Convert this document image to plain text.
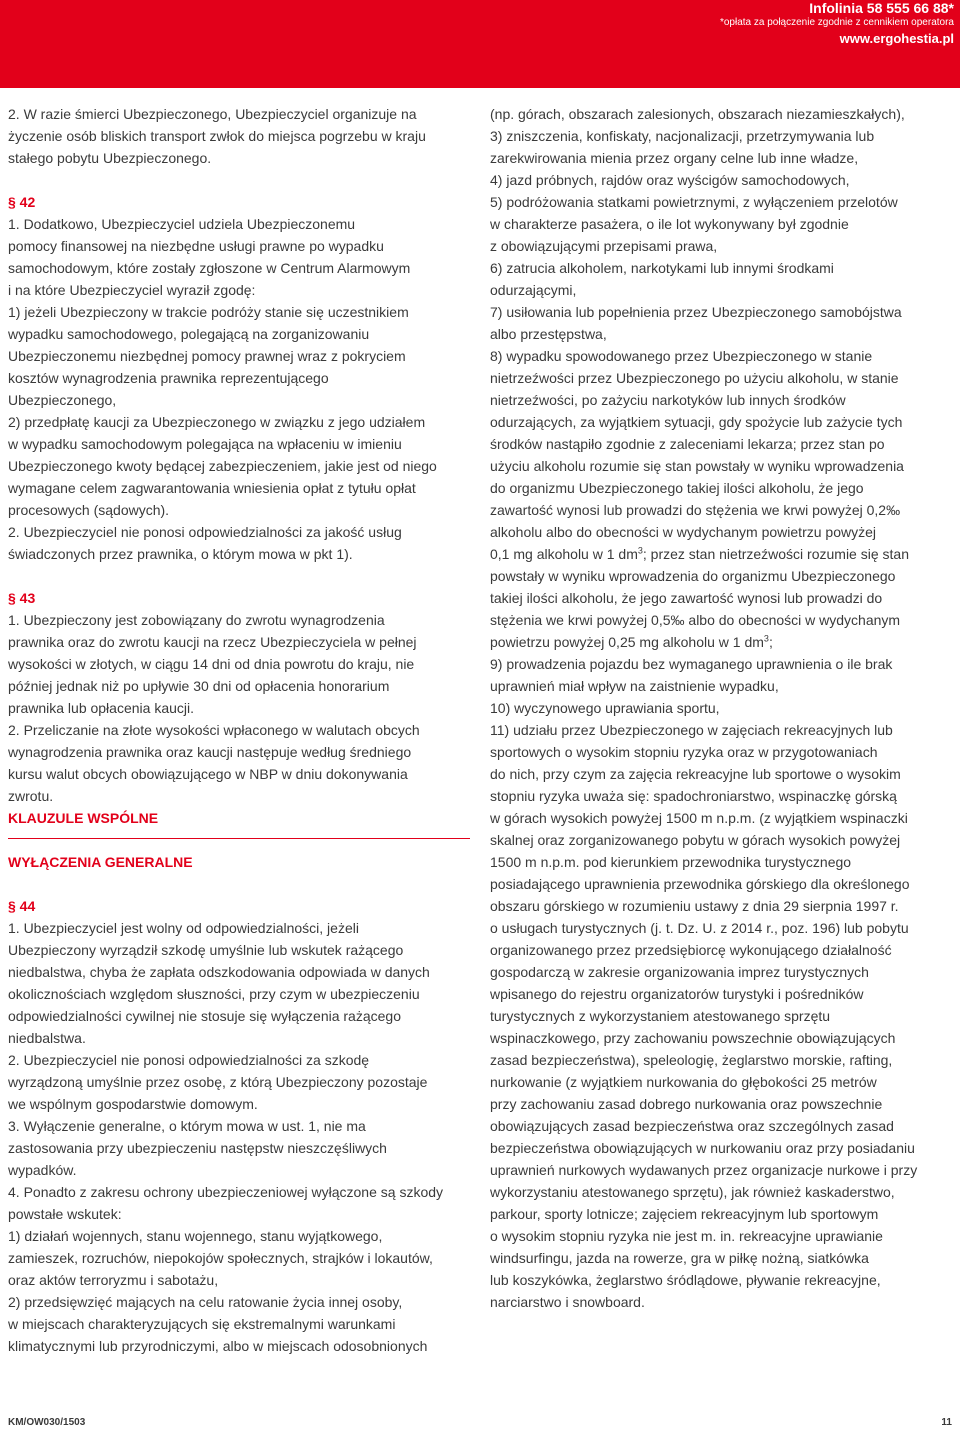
Infolinia 58 555 66 88*
*opłata za połączenie zgodnie z cennikiem operatora
www.ergohestia.pl

2. W razie śmierci Ubezpieczonego, Ubezpieczyciel organizuje na
życzenie osób bliskich transport zwłok do miejsca pogrzebu w kraju
stałego pobytu Ubezpieczonego.

§ 42

1. Dodatkowo, Ubezpieczyciel udziela Ubezpieczonemu
pomocy finansowej na niezbędne usługi prawne po wypadku
samochodowym, które zostały zgłoszone w Centrum Alarmowym
i na które Ubezpieczyciel wyraził zgodę:

1) jeżeli Ubezpieczony w trakcie podróży stanie się uczestnikiem
wypadku samochodowego, polegającą na zorganizowaniu
Ubezpieczonemu niezbędnej pomocy prawnej wraz z pokryciem
kosztów wynagrodzenia prawnika reprezentującego
Ubezpieczonego,

2) przedpłatę kaucji za Ubezpieczonego w związku z jego udziałem
w wypadku samochodowym polegająca na wpłaceniu w imieniu
Ubezpieczonego kwoty będącej zabezpieczeniem, jakie jest od niego
wymagane celem zagwarantowania wniesienia opłat z tytułu opłat
procesowych (sądowych).

2. Ubezpieczyciel nie ponosi odpowiedzialności za jakość usług
świadczonych przez prawnika, o którym mowa w pkt 1).

§ 43

1. Ubezpieczony jest zobowiązany do zwrotu wynagrodzenia
prawnika oraz do zwrotu kaucji na rzecz Ubezpieczyciela w pełnej
wysokości w złotych, w ciągu 14 dni od dnia powrotu do kraju, nie
później jednak niż po upływie 30 dni od opłacenia honorarium
prawnika lub opłacenia kaucji.

2. Przeliczanie na złote wysokości wpłaconego w walutach obcych
wynagrodzenia prawnika oraz kaucji następuje według średniego
kursu walut obcych obowiązującego w NBP w dniu dokonywania
zwrotu.

KLAUZULE WSPÓLNE

WYŁĄCZENIA GENERALNE

§ 44

1. Ubezpieczyciel jest wolny od odpowiedzialności, jeżeli
Ubezpieczony wyrządził szkodę umyślnie lub wskutek rażącego
niedbalstwa, chyba że zapłata odszkodowania odpowiada w danych
okolicznościach względom słuszności, przy czym w ubezpieczeniu
odpowiedzialności cywilnej nie stosuje się wyłączenia rażącego
niedbalstwa.

2. Ubezpieczyciel nie ponosi odpowiedzialności za szkodę
wyrządzoną umyślnie przez osobę, z którą Ubezpieczony pozostaje
we wspólnym gospodarstwie domowym.

3. Wyłączenie generalne, o którym mowa w ust. 1, nie ma
zastosowania przy ubezpieczeniu następstw nieszczęśliwych
wypadków.

4. Ponadto z zakresu ochrony ubezpieczeniowej wyłączone są szkody
powstałe wskutek:

1) działań wojennych, stanu wojennego, stanu wyjątkowego,
zamieszek, rozruchów, niepokojów społecznych, strajków i lokautów,
oraz aktów terroryzmu i sabotażu,

2) przedsięwzięć mających na celu ratowanie życia innej osoby,
w miejscach charakteryzujących się ekstremalnymi warunkami
klimatycznymi lub przyrodniczymi, albo w miejscach odosobnionych

(np. górach, obszarach zalesionych, obszarach niezamieszkałych),

3) zniszczenia, konfiskaty, nacjonalizacji, przetrzymywania lub
zarekwirowania mienia przez organy celne lub inne władze,

4) jazd próbnych, rajdów oraz wyścigów samochodowych,

5) podróżowania statkami powietrznymi, z wyłączeniem przelotów
w charakterze pasażera, o ile lot wykonywany był zgodnie
z obowiązującymi przepisami prawa,

6) zatrucia alkoholem, narkotykami lub innymi środkami
odurzającymi,

7) usiłowania lub popełnienia przez Ubezpieczonego samobójstwa
albo przestępstwa,

8) wypadku spowodowanego przez Ubezpieczonego w stanie
nietrzeźwości przez Ubezpieczonego po użyciu alkoholu, w stanie
nietrzeźwości, po zażyciu narkotyków lub innych środków
odurzających, za wyjątkiem sytuacji, gdy spożycie lub zażycie tych
środków nastąpiło zgodnie z zaleceniami lekarza; przez stan po
użyciu alkoholu rozumie się stan powstały w wyniku wprowadzenia
do organizmu Ubezpieczonego takiej ilości alkoholu, że jego
zawartość wynosi lub prowadzi do stężenia we krwi powyżej 0,2‰
alkoholu albo do obecności w wydychanym powietrzu powyżej
0,1 mg alkoholu w 1 $dm^3$; przez stan nietrzeźwości rozumie się stan
powstały w wyniku wprowadzenia do organizmu Ubezpieczonego
takiej ilości alkoholu, że jego zawartość wynosi lub prowadzi do
stężenia we krwi powyżej 0,5‰ albo do obecności w wydychanym
powietrzu powyżej 0,25 mg alkoholu w 1 $dm^3$;

9) prowadzenia pojazdu bez wymaganego uprawnienia o ile brak
uprawnień miał wpływ na zaistnienie wypadku,

10) wyczynowego uprawiania sportu,

11) udziału przez Ubezpieczonego w zajęciach rekreacyjnych lub
sportowych o wysokim stopniu ryzyka oraz w przygotowaniach
do nich, przy czym za zajęcia rekreacyjne lub sportowe o wysokim
stopniu ryzyka uważa się: spadochroniarstwo, wspinaczkę górską
w górach wysokich powyżej 1500 m n.p.m. (z wyjątkiem wspinaczki
skalnej oraz zorganizowanego pobytu w górach wysokich powyżej
1500 m n.p.m. pod kierunkiem przewodnika turystycznego
posiadającego uprawnienia przewodnika górskiego dla określonego
obszaru górskiego w rozumieniu ustawy z dnia 29 sierpnia 1997 r.
o usługach turystycznych (j. t. Dz. U. z 2014 r., poz. 196) lub pobytu
organizowanego przez przedsiębiorcę wykonującego działalność
gospodarczą w zakresie organizowania imprez turystycznych
wpisanego do rejestru organizatorów turystyki i pośredników
turystycznych z wykorzystaniem atestowanego sprzętu
wspinaczkowego, przy zachowaniu powszechnie obowiązujących
zasad bezpieczeństwa), speleologię, żeglarstwo morskie, rafting,
nurkowanie (z wyjątkiem nurkowania do głębokości 25 metrów
przy zachowaniu zasad dobrego nurkowania oraz powszechnie
obowiązujących zasad bezpieczeństwa oraz szczególnych zasad
bezpieczeństwa obowiązujących w nurkowaniu oraz przy posiadaniu
uprawnień nurkowych wydawanych przez organizacje nurkowe i przy
wykorzystaniu atestowanego sprzętu), jak również kaskaderstwo,
parkour, sporty lotnicze; zajęciem rekreacyjnym lub sportowym
o wysokim stopniu ryzyka nie jest m. in. rekreacyjne uprawianie
windsurfingu, jazda na rowerze, gra w piłkę nożną, siatkówka
lub koszykówka, żeglarstwo śródlądowe, pływanie rekreacyjne,
narciarstwo i snowboard.

KM/OW030/1503	11
